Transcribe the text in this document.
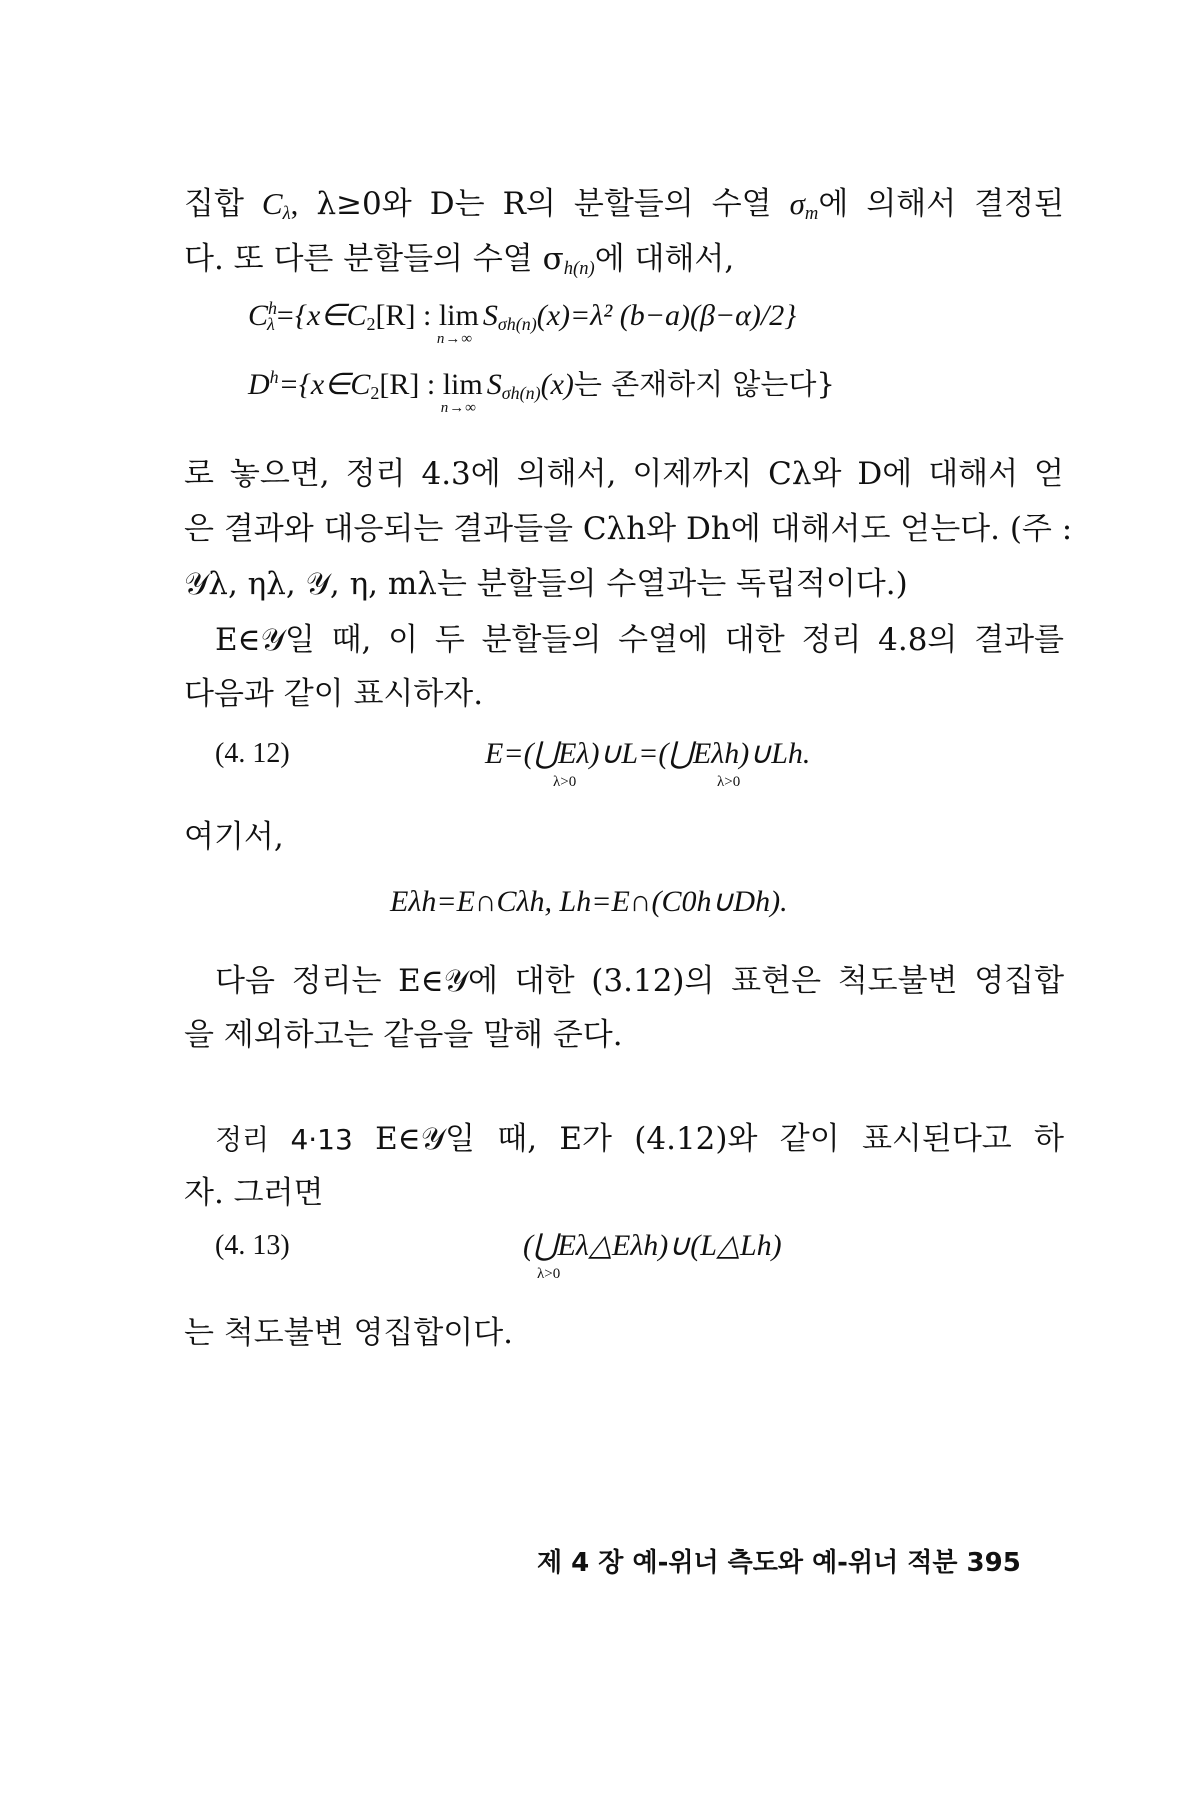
집합 $C_\lambda$, λ≥0와 D는 R의 분할들의 수열 $\sigma_m$에 의해서 결정된
다. 또 다른 분할들의 수열 $\sigma_{h(n)}$에 대해서,
$C^h_\lambda=\{x\in C_2[R]$ : lim
n→∞
$S_{\sigma h(n)}(x)=\lambda^2$ (b−a)(β−α)/2}
$D^h=\{x\in C_2[R]$ : lim
n→∞
$S_{\sigma h(n)}(x)$는 존재하지 않는다}
로 놓으면, 정리 4.3에 의해서, 이제까지 Cλ와 D에 대해서 얻
은 결과와 대응되는 결과들을 Cλh와 Dh에 대해서도 얻는다. (주 :
𝒴λ, ηλ, 𝒴, η, mλ는 분할들의 수열과는 독립적이다.)
E∈𝒴일 때, 이 두 분할들의 수열에 대한 정리 4.8의 결과를
다음과 같이 표시하자.
(4. 12)	E=(⋃Eλ)∪L=(⋃Eλh)∪Lh.
λ>0	λ>0
여기서,
Eλh=E∩Cλh, Lh=E∩(C0h∪Dh).
다음 정리는 E∈𝒴에 대한 (3.12)의 표현은 척도불변 영집합
을 제외하고는 같음을 말해 준다.
정리 4·13 E∈𝒴일 때, E가 (4.12)와 같이 표시된다고 하
자. 그러면
(4. 13)	(⋃Eλ△Eλh)∪(L△Lh)
λ>0
는 척도불변 영집합이다.
제 4 장 예-위너 측도와 예-위너 적분 395
